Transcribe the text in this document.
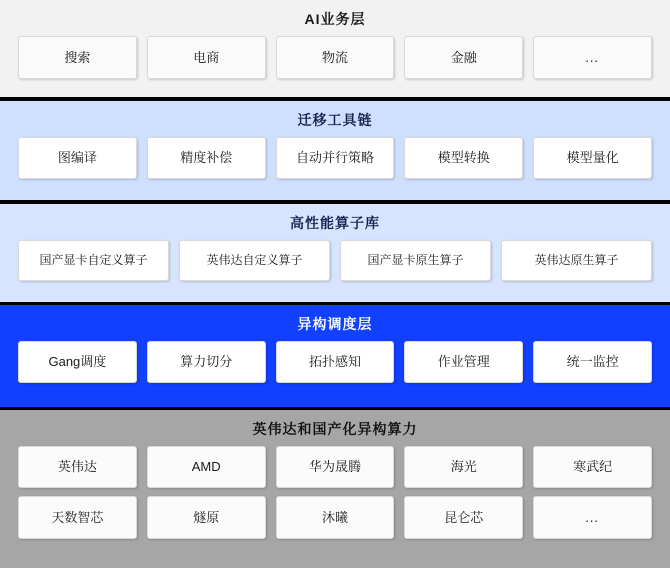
AI业务层
搜索	电商	物流	金融	…
迁移工具链
图编译	精度补偿	自动并行策略	模型转换	模型量化
高性能算子库
国产显卡自定义算子	英伟达自定义算子	国产显卡原生算子	英伟达原生算子
异构调度层
Gang调度	算力切分	拓扑感知	作业管理	统一监控
英伟达和国产化异构算力
英伟达	AMD	华为晟腾	海光	寒武纪
天数智芯	燧原	沐曦	昆仑芯	…
